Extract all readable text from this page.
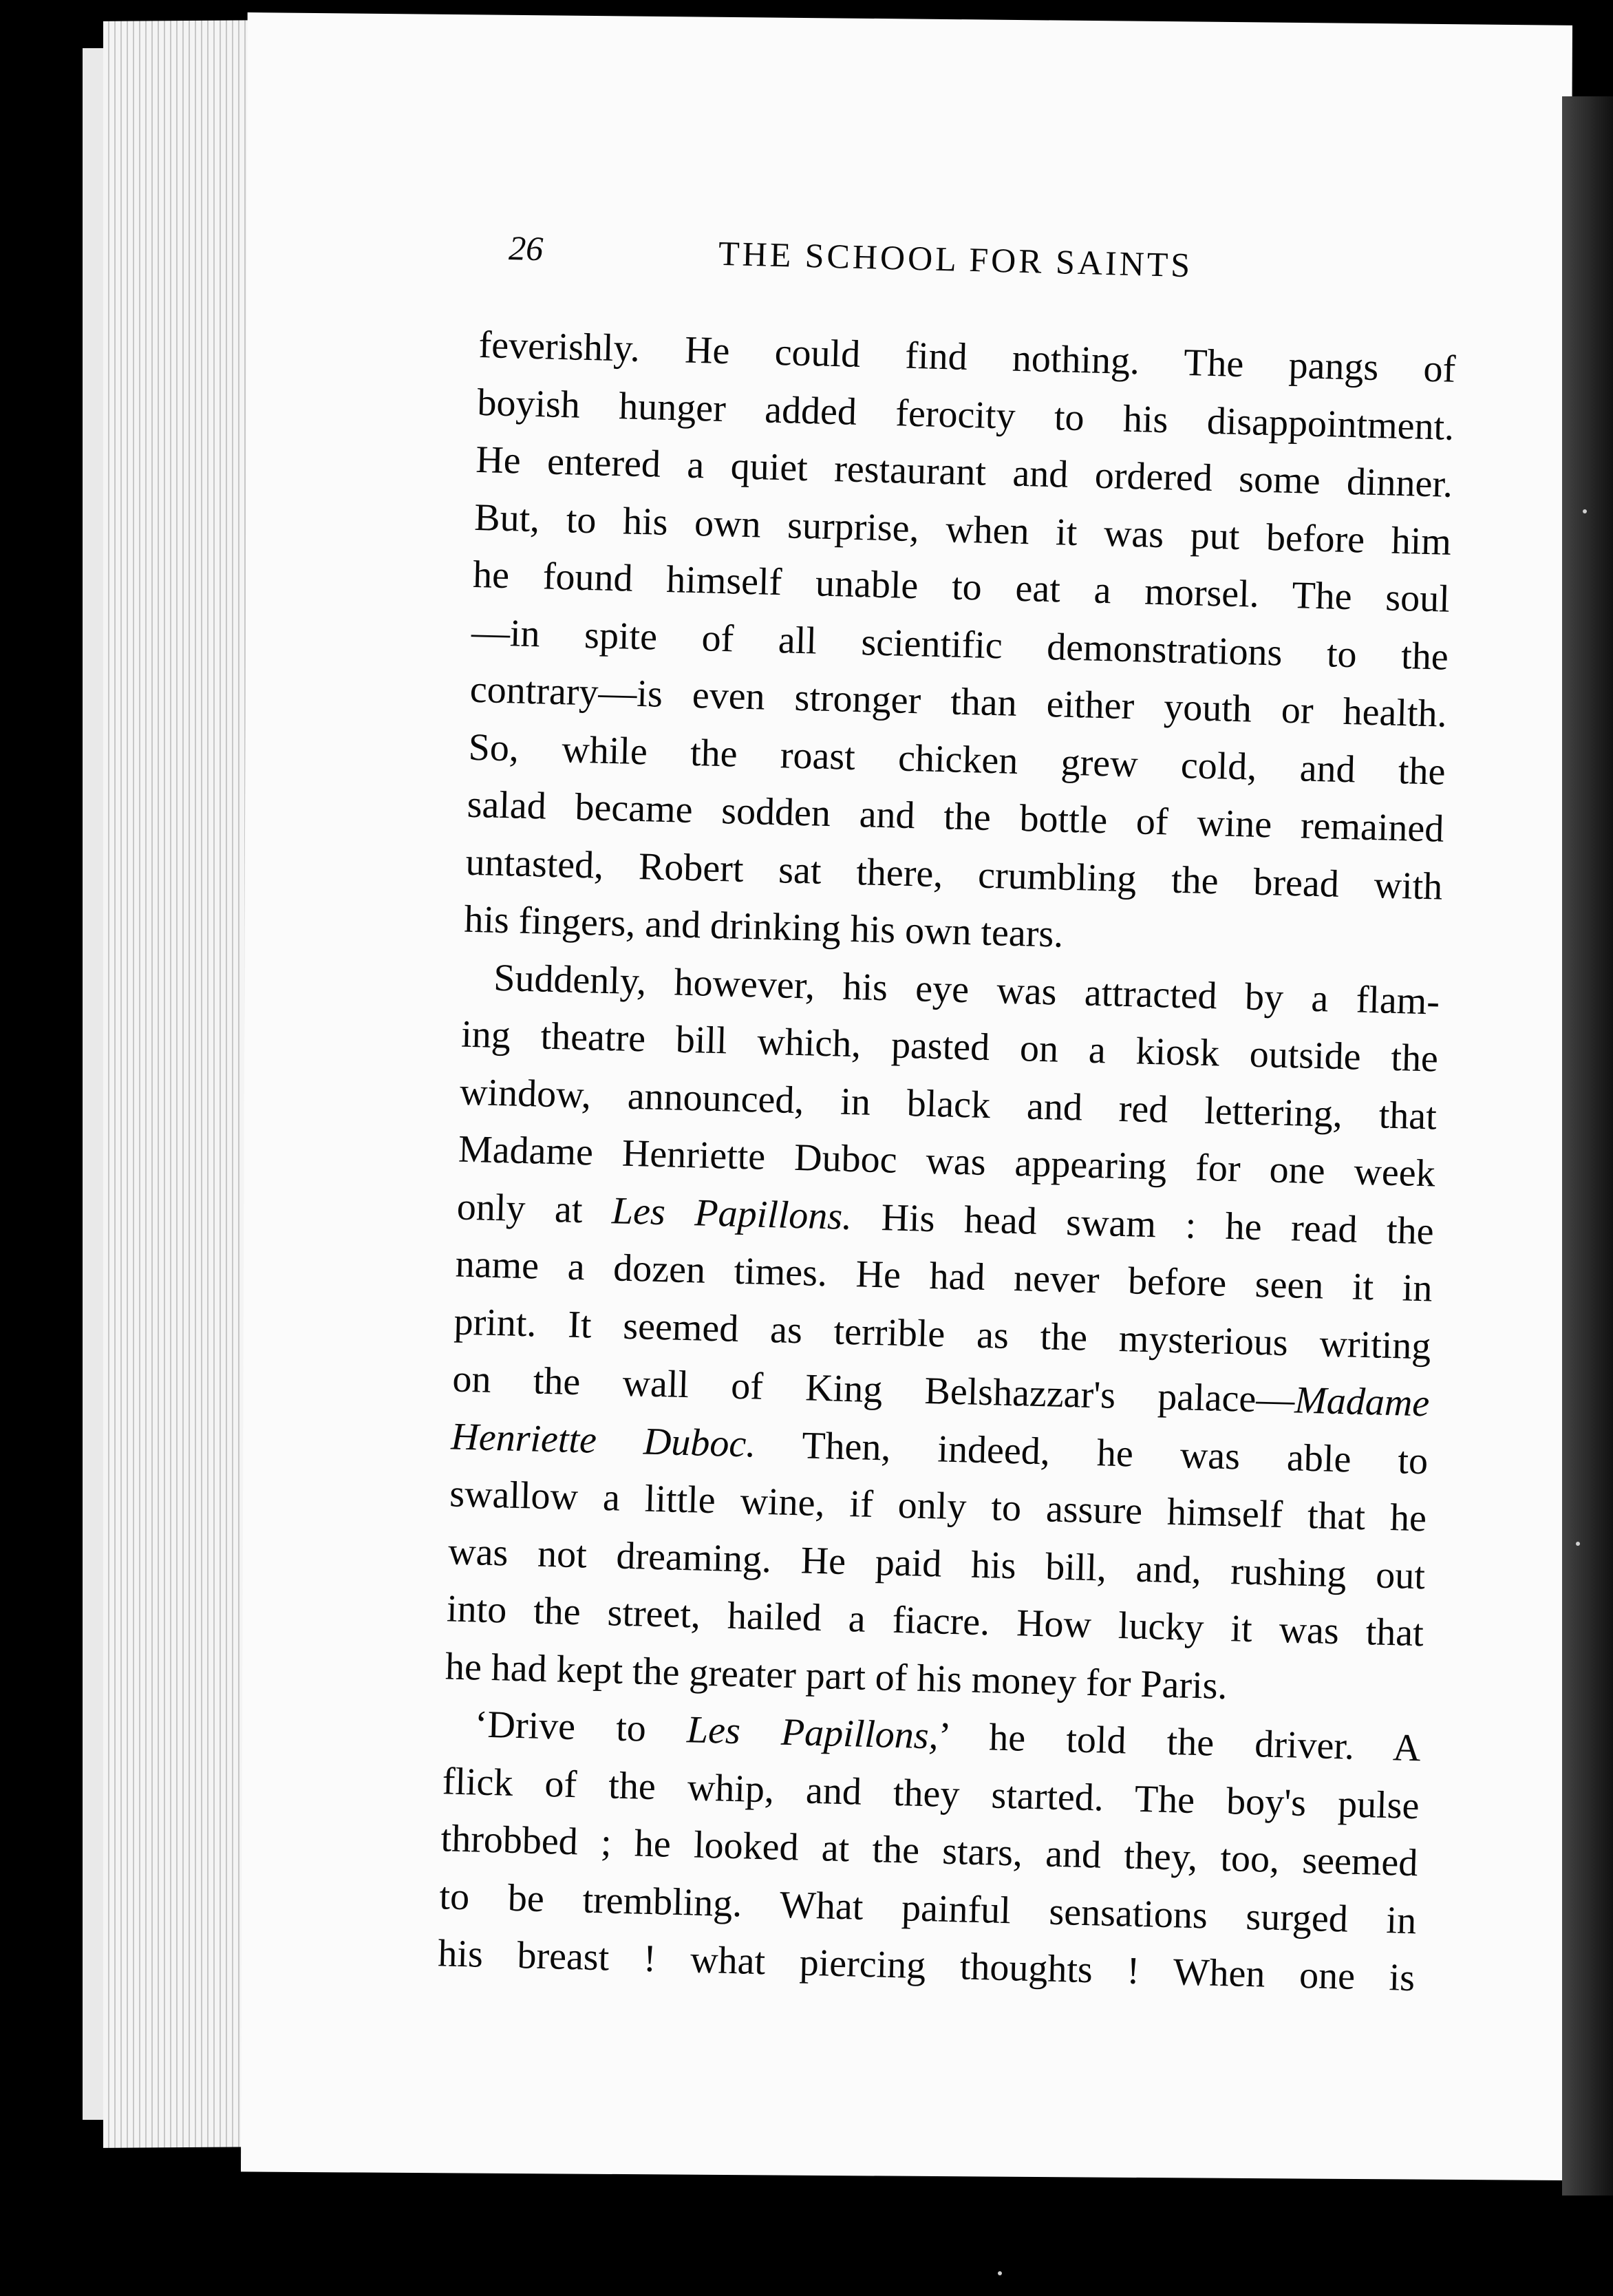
26	THE SCHOOL FOR SAINTS
feverishly. He could find nothing. The pangs of
boyish hunger added ferocity to his disappointment.
He entered a quiet restaurant and ordered some dinner.
But, to his own surprise, when it was put before him
he found himself unable to eat a morsel. The soul
—in spite of all scientific demonstrations to the
contrary—is even stronger than either youth or health.
So, while the roast chicken grew cold, and the
salad became sodden and the bottle of wine remained
untasted, Robert sat there, crumbling the bread with
his fingers, and drinking his own tears.
Suddenly, however, his eye was attracted by a flam-
ing theatre bill which, pasted on a kiosk outside the
window, announced, in black and red lettering, that
Madame Henriette Duboc was appearing for one week
only at Les Papillons. His head swam : he read the
name a dozen times. He had never before seen it in
print. It seemed as terrible as the mysterious writing
on the wall of King Belshazzar's palace—Madame
Henriette Duboc. Then, indeed, he was able to
swallow a little wine, if only to assure himself that he
was not dreaming. He paid his bill, and, rushing out
into the street, hailed a fiacre. How lucky it was that
he had kept the greater part of his money for Paris.
‘Drive to Les Papillons,’ he told the driver. A
flick of the whip, and they started. The boy's pulse
throbbed ; he looked at the stars, and they, too, seemed
to be trembling. What painful sensations surged in
his breast ! what piercing thoughts ! When one is
